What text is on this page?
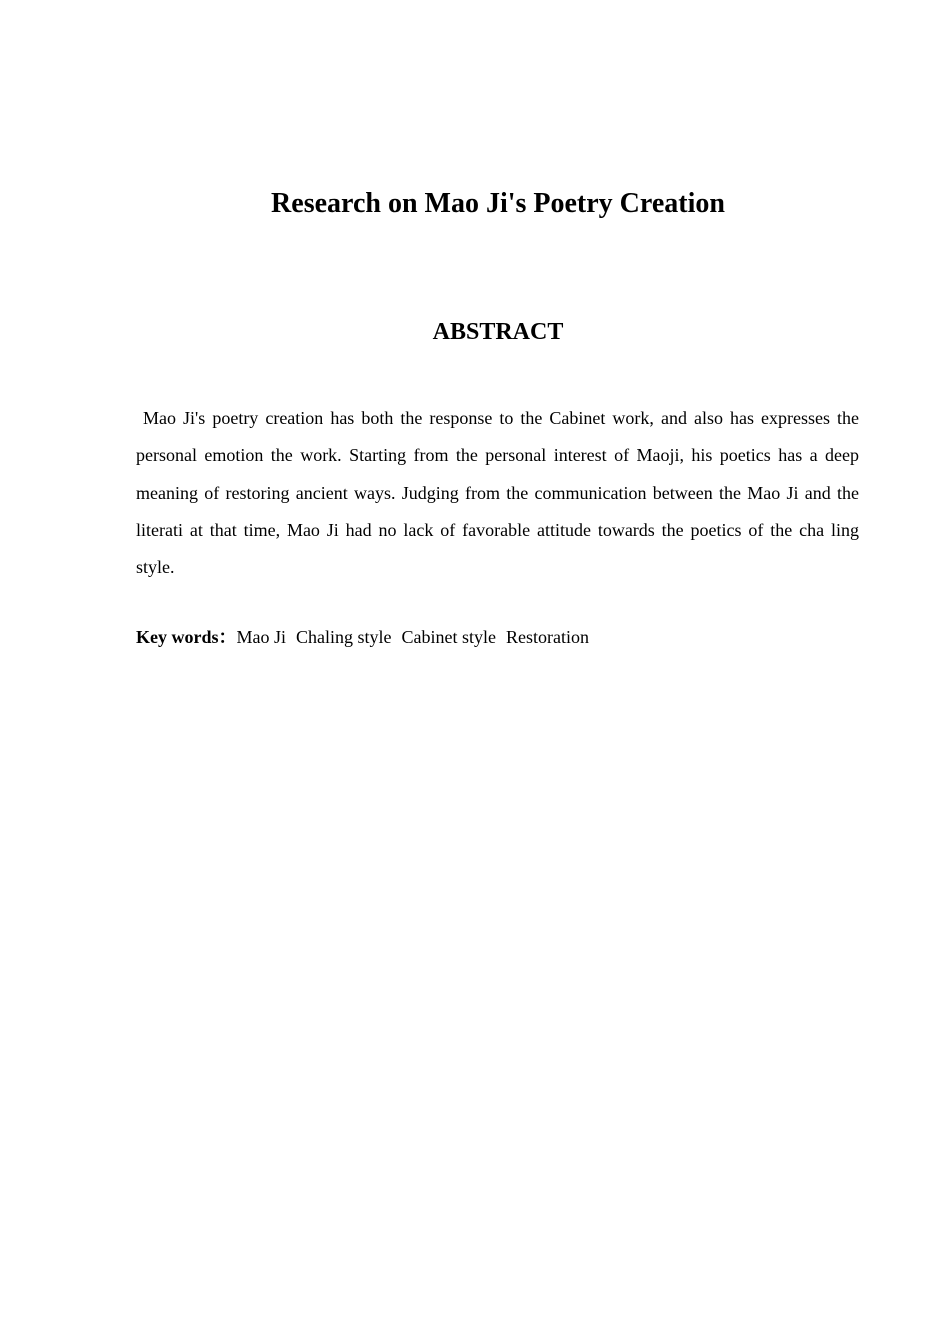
Research on Mao Ji's Poetry Creation
ABSTRACT

Mao Ji's poetry creation has both the response to the Cabinet work, and also has expresses the personal emotion the work. Starting from the personal interest of Maoji, his poetics has a deep meaning of restoring ancient ways. Judging from the communication between the Mao Ji and the literati at that time, Mao Ji had no lack of favorable attitude towards the poetics of the cha ling style.

Key words：Mao Ji Chaling style Cabinet style Restoration
